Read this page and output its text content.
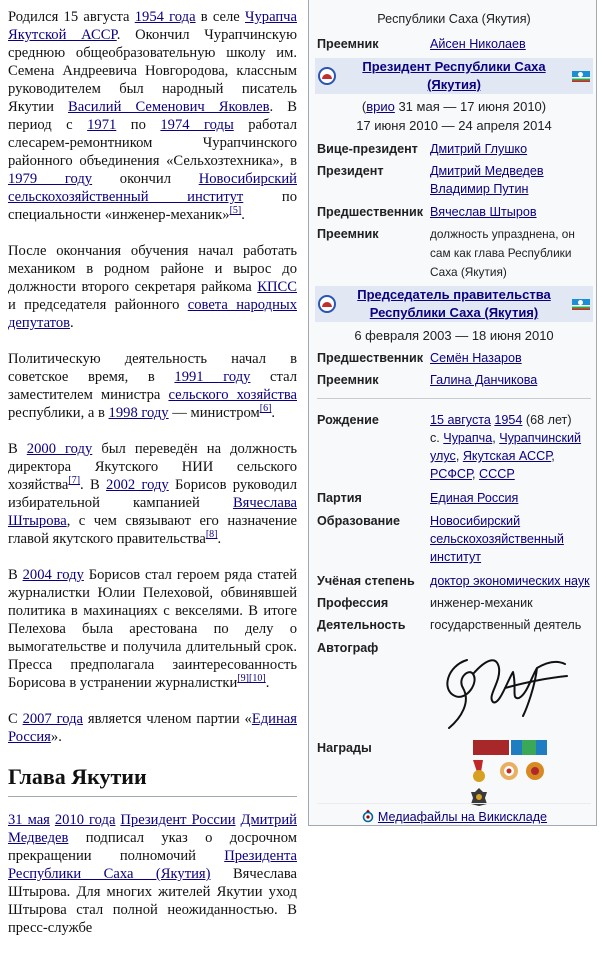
Родился 15 августа 1954 года в селе Чурапча Якутской АССР. Окончил Чурапчинскую среднюю общеобразовательную школу им. Семена Андреевича Новгородова, классным руководителем был народный писатель Якутии Василий Семенович Яковлев. В период с 1971 по 1974 годы работал слесарем-ремонтником Чурапчинского районного объединения «Сельхозтехника», в 1979 году окончил Новосибирский сельскохозяйственный институт по специальности «инженер-механик»[5].

После окончания обучения начал работать механиком в родном районе и вырос до должности второго секретаря райкома КПСС и председателя районного совета народных депутатов.

Политическую деятельность начал в советское время, в 1991 году стал заместителем министра сельского хозяйства республики, а в 1998 году — министром[6].

В 2000 году был переведён на должность директора Якутского НИИ сельского хозяйства[7]. В 2002 году Борисов руководил избирательной кампанией Вячеслава Штырова, с чем связывают его назначение главой якутского правительства[8].

В 2004 году Борисов стал героем ряда статей журналистки Юлии Пелеховой, обвинявшей политика в махинациях с векселями. В итоге Пелехова была арестована по делу о вымогательстве и получила длительный срок. Пресса предполагала заинтересованность Борисова в устранении журналистки[9][10].

С 2007 года является членом партии «Единая Россия».

Глава Якутии

31 мая 2010 года Президент России Дмитрий Медведев подписал указ о досрочном прекращении полномочий Президента Республики Саха (Якутия) Вячеслава Штырова. Для многих жителей Якутии уход Штырова стал полной неожиданностью. В пресс-службе

Республики Саха (Якутия)
Преемник	Айсен Николаев
Президент Республики Саха (Якутия)
(врио 31 мая — 17 июня 2010)
17 июня 2010 — 24 апреля 2014
Вице-президент Дмитрий Глушко
Президент	Дмитрий Медведев
Владимир Путин
Предшественник Вячеслав Штыров
Преемник	должность упразднена, он сам как глава Республики Саха (Якутия)
Председатель правительства Республики Саха (Якутия)
6 февраля 2003 — 18 июня 2010
Предшественник Семён Назаров
Преемник	Галина Данчикова
Рождение	15 августа 1954 (68 лет)
с. Чурапча, Чурапчинский улус, Якутская АССР, РСФСР, СССР
Партия	Единая Россия
Образование	Новосибирский сельскохозяйственный институт
Учёная степень	доктор экономических наук
Профессия	инженер-механик
Деятельность	государственный деятель
Автограф
Награды
Медиафайлы на Викискладе
